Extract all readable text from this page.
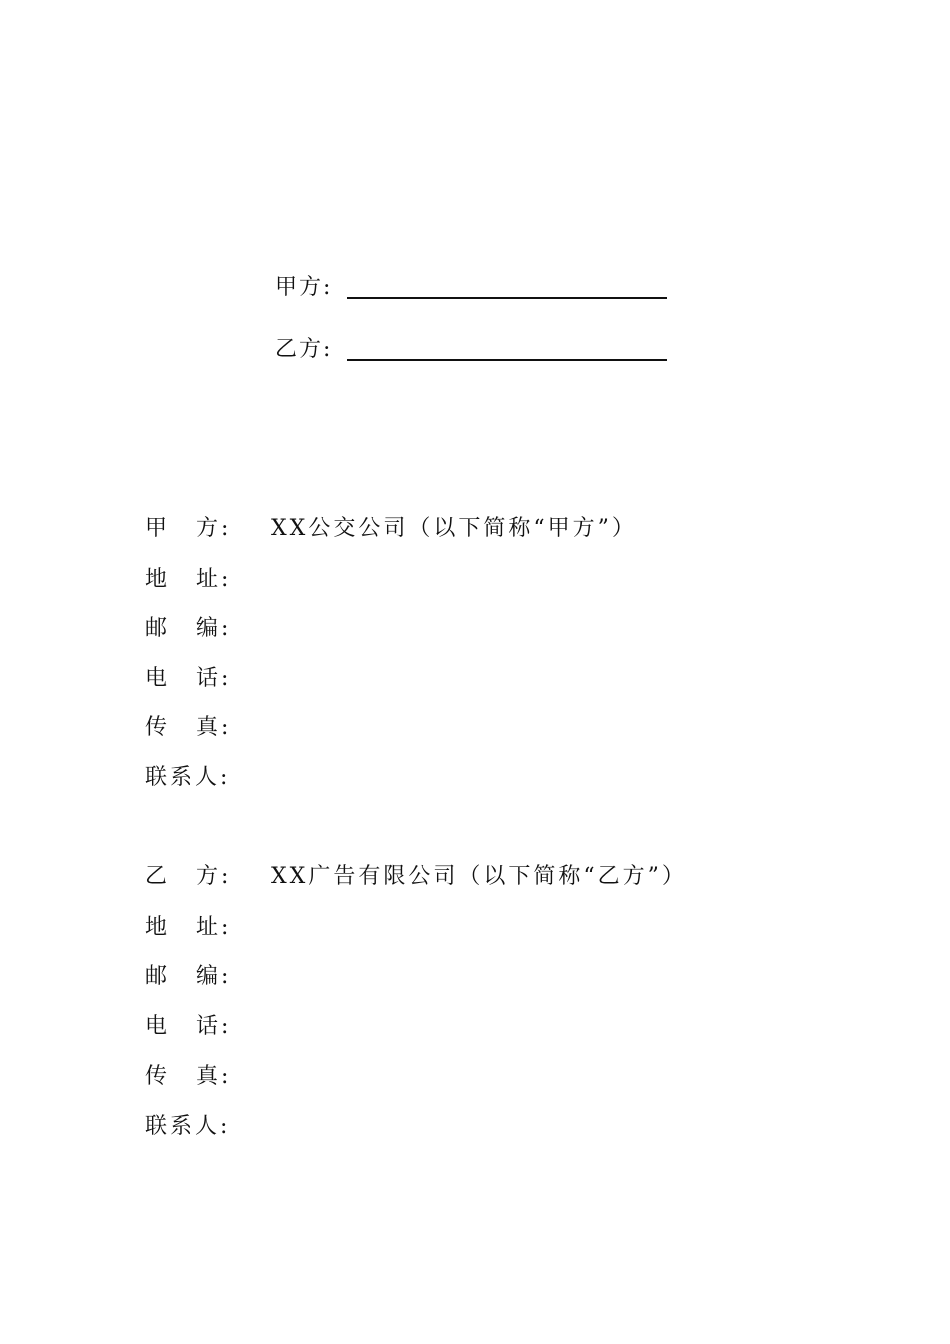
甲方:
乙方:
甲 方:	XX公交公司（以下简称“甲方”）
地 址:
邮 编:
电 话:
传 真:
联系人:
乙 方:	XX广告有限公司（以下简称“乙方”）
地 址:
邮 编:
电 话:
传 真:
联系人:
